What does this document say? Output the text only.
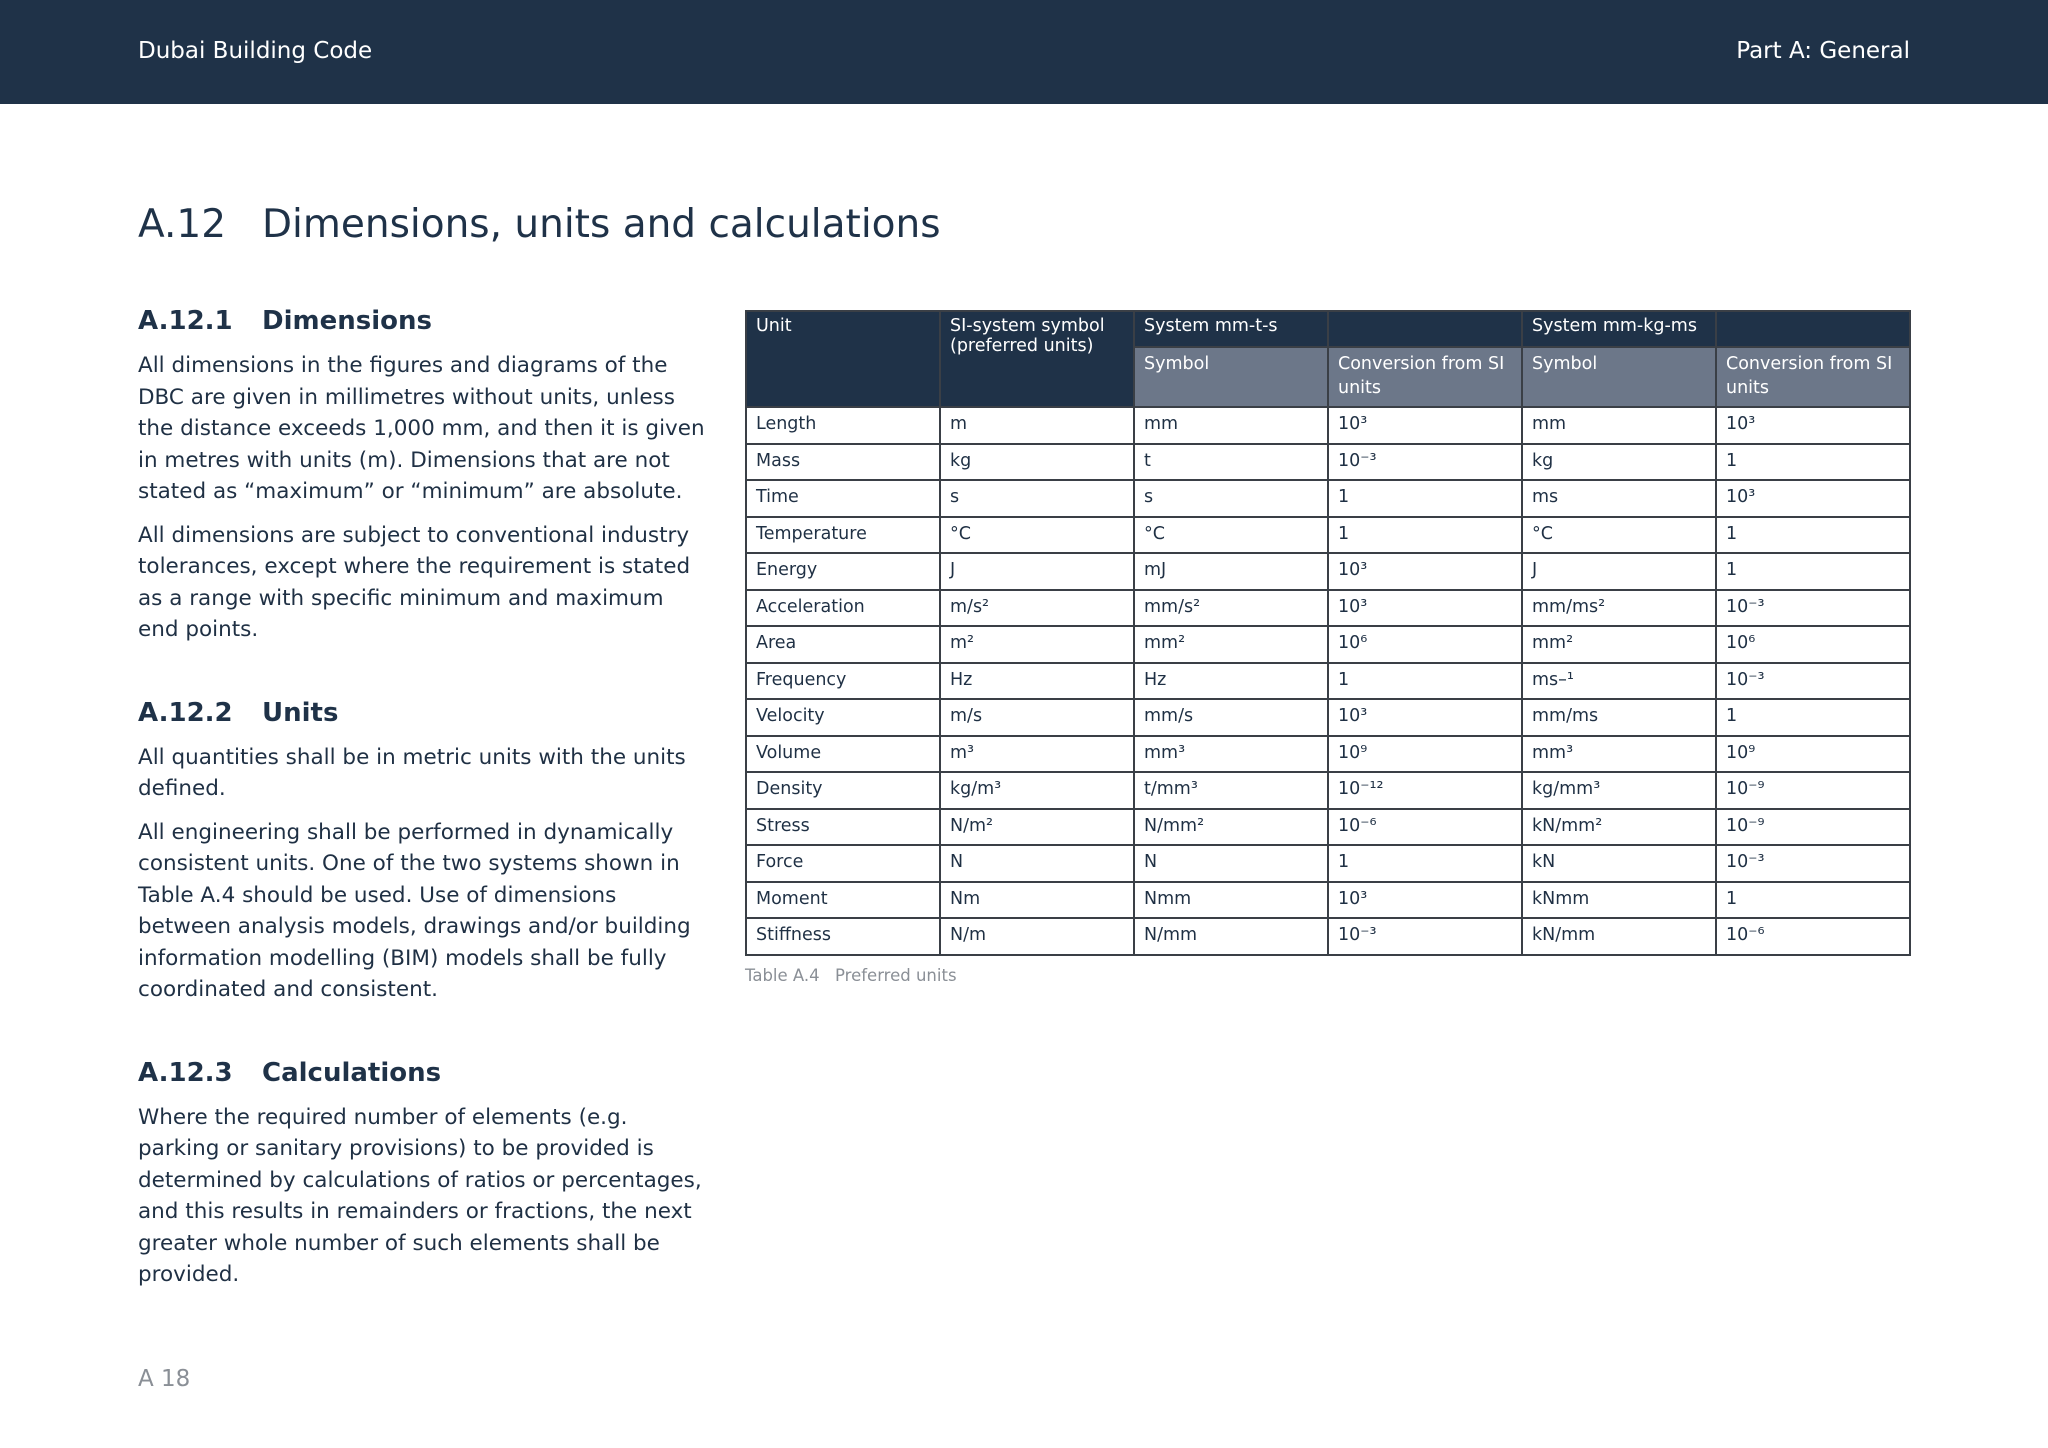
Dubai Building Code	Part A: General
A.12 Dimensions, units and calculations
A.12.1	Dimensions

All dimensions in the figures and diagrams of the DBC are given in millimetres without units, unless the distance exceeds 1,000 mm, and then it is given in metres with units (m). Dimensions that are not stated as “maximum” or “minimum” are absolute.

All dimensions are subject to conventional industry tolerances, except where the requirement is stated as a range with specific minimum and maximum end points.

A.12.2	Units

All quantities shall be in metric units with the units defined.

All engineering shall be performed in dynamically consistent units. One of the two systems shown in Table A.4 should be used. Use of dimensions between analysis models, drawings and/or building information modelling (BIM) models shall be fully coordinated and consistent.

A.12.3	Calculations

Where the required number of elements (e.g. parking or sanitary provisions) to be provided is determined by calculations of ratios or percentages, and this results in remainders or fractions, the next greater whole number of such elements shall be provided.

Unit	SI-system symbol (preferred units)	System mm-t-s		System mm-kg-ms	
		Symbol	Conversion from SI units	Symbol	Conversion from SI units
Length	m	mm	10³	mm	10³
Mass	kg	t	10⁻³	kg	1
Time	s	s	1	ms	10³
Temperature	°C	°C	1	°C	1
Energy	J	mJ	10³	J	1
Acceleration	m/s²	mm/s²	10³	mm/ms²	10⁻³
Area	m²	mm²	10⁶	mm²	10⁶
Frequency	Hz	Hz	1	ms–¹	10⁻³
Velocity	m/s	mm/s	10³	mm/ms	1
Volume	m³	mm³	10⁹	mm³	10⁹
Density	kg/m³	t/mm³	10⁻¹²	kg/mm³	10⁻⁹
Stress	N/m²	N/mm²	10⁻⁶	kN/mm²	10⁻⁹
Force	N	N	1	kN	10⁻³
Moment	Nm	Nmm	10³	kNmm	1
Stiffness	N/m	N/mm	10⁻³	kN/mm	10⁻⁶
Table A.4 Preferred units
A 18
